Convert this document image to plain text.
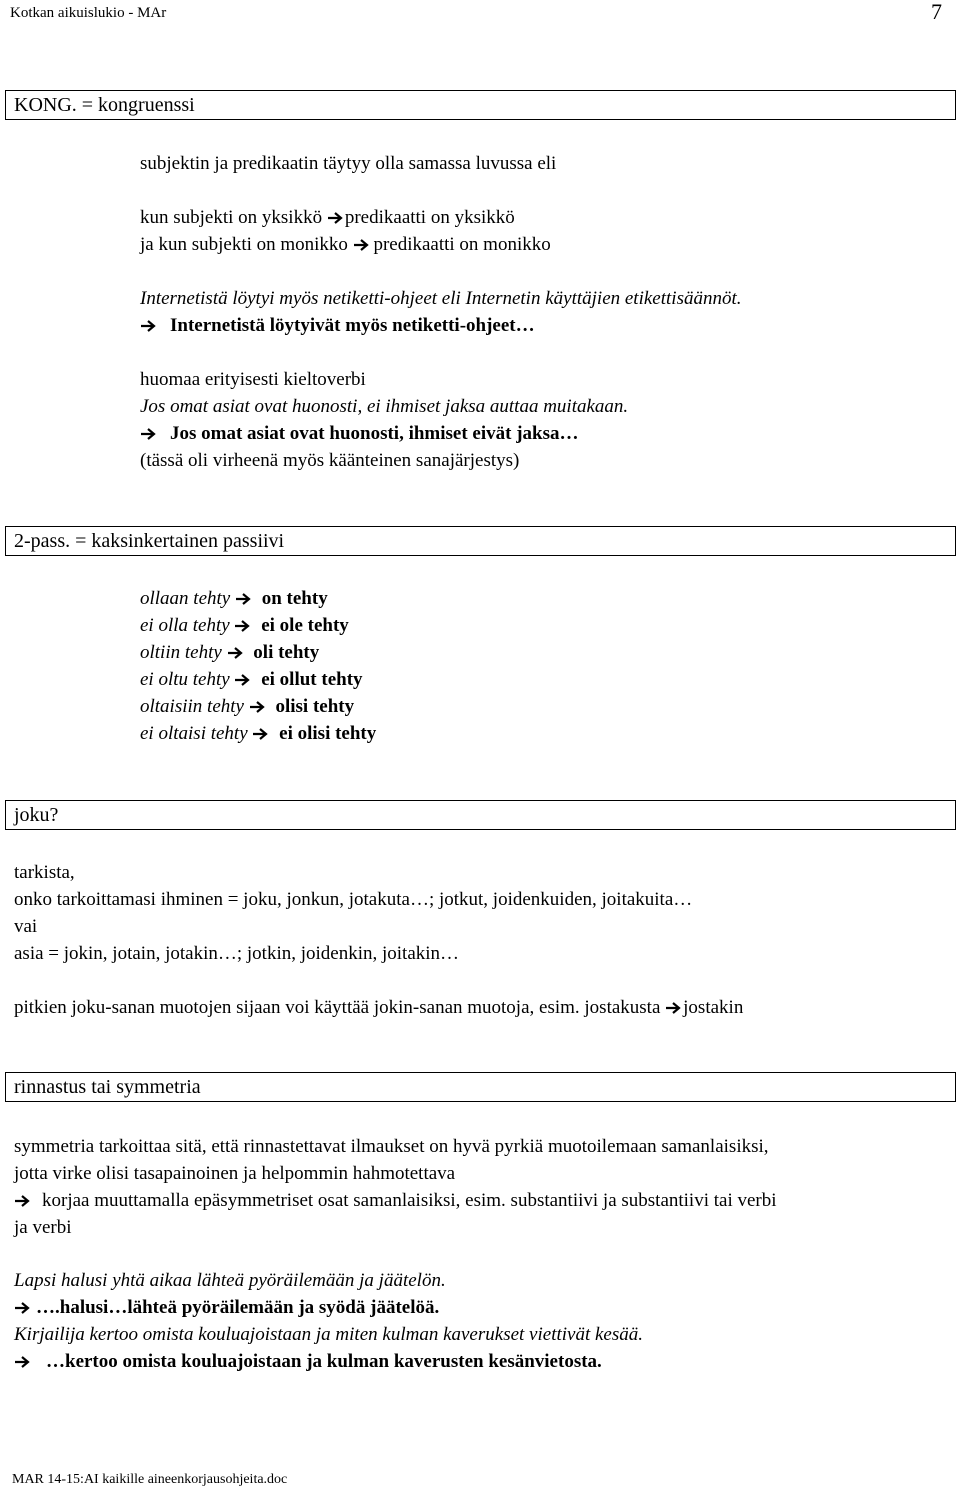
Kotkan aikuislukio - MAr	7
KONG. = kongruenssi
subjektin ja predikaatin täytyy olla samassa luvussa eli
kun subjekti on yksikkö predikaatti on yksikkö
ja kun subjekti on monikko  predikaatti on monikko
Internetistä löytyi myös netiketti-ohjeet eli Internetin käyttäjien etikettisäännöt.
Internetistä löytyivät myös netiketti-ohjeet…
huomaa erityisesti kieltoverbi
Jos omat asiat ovat huonosti, ei ihmiset jaksa auttaa muitakaan.
Jos omat asiat ovat huonosti, ihmiset eivät jaksa…
(tässä oli virheenä myös käänteinen sanajärjestys)
2-pass. = kaksinkertainen passiivi
ollaan tehty on tehty
ei olla tehty ei ole tehty
oltiin tehty oli tehty
ei oltu tehty ei ollut tehty
oltaisiin tehty olisi tehty
ei oltaisi tehty ei olisi tehty
joku?
tarkista,
onko tarkoittamasi ihminen = joku, jonkun, jotakuta…; jotkut, joidenkuiden, joitakuita…
vai
asia = jokin, jotain, jotakin…; jotkin, joidenkin, joitakin…
pitkien joku-sanan muotojen sijaan voi käyttää jokin-sanan muotoja, esim. jostakusta jostakin
rinnastus tai symmetria
symmetria tarkoittaa sitä, että rinnastettavat ilmaukset on hyvä pyrkiä muotoilemaan samanlaisiksi,
jotta virke olisi tasapainoinen ja helpommin hahmotettava
korjaa muuttamalla epäsymmetriset osat samanlaisiksi, esim. substantiivi ja substantiivi tai verbi
ja verbi
Lapsi halusi yhtä aikaa lähteä pyöräilemään ja jäätelön.
….halusi…lähteä pyöräilemään ja syödä jäätelöä.
Kirjailija kertoo omista kouluajoistaan ja miten kulman kaverukset viettivät kesää.
…kertoo omista kouluajoistaan ja kulman kaverusten kesänvietosta.
MAR 14-15:AI kaikille aineenkorjausohjeita.doc
